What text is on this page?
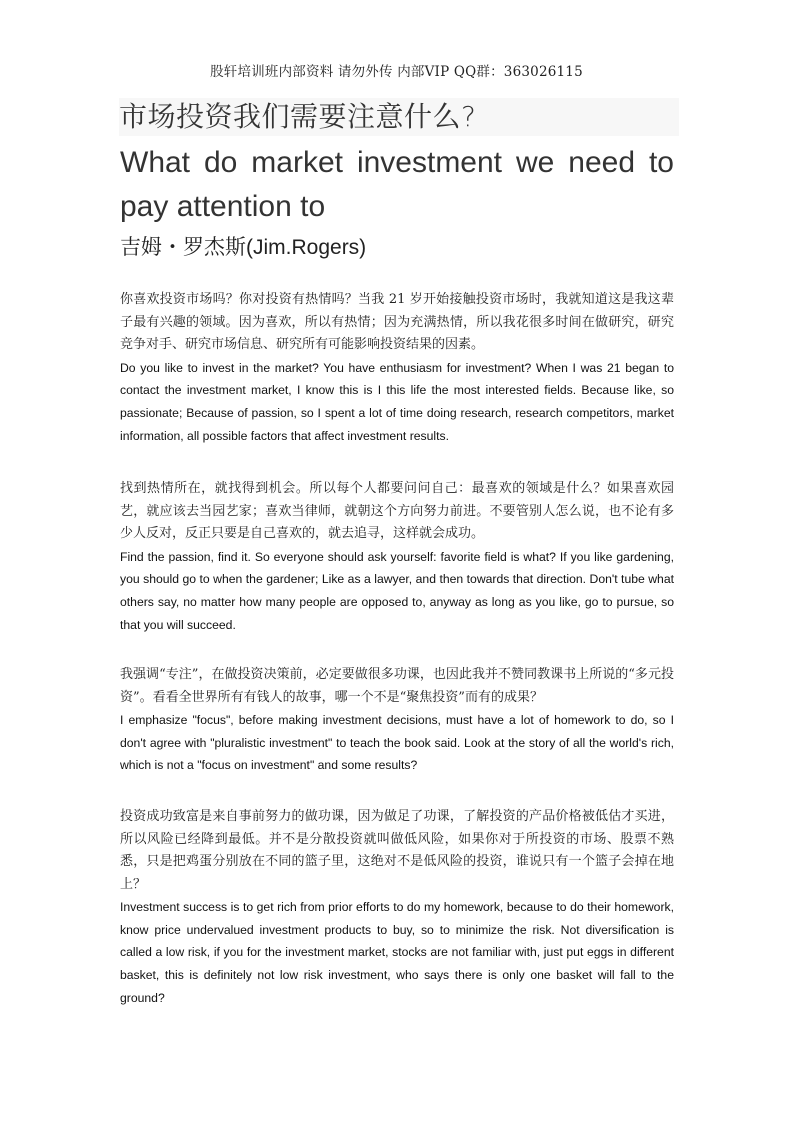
股轩培训班内部资料 请勿外传 内部VIP QQ群：363026115
市场投资我们需要注意什么?
What do market investment we need to pay attention to
吉姆・罗杰斯(Jim.Rogers)

你喜欢投资市场吗？你对投资有热情吗？当我 21 岁开始接触投资市场时，我就知道这是我这辈子最有兴趣的领域。因为喜欢，所以有热情；因为充满热情，所以我花很多时间在做研究，研究竞争对手、研究市场信息、研究所有可能影响投资结果的因素。

Do you like to invest in the market? You have enthusiasm for investment? When I was 21 began to contact the investment market, I know this is I this life the most interested fields. Because like, so passionate; Because of passion, so I spent a lot of time doing research, research competitors, market information, all possible factors that affect investment results.

找到热情所在，就找得到机会。所以每个人都要问问自己：最喜欢的领域是什么？如果喜欢园艺，就应该去当园艺家；喜欢当律师，就朝这个方向努力前进。不要管别人怎么说，也不论有多少人反对，反正只要是自己喜欢的，就去追寻，这样就会成功。

Find the passion, find it. So everyone should ask yourself: favorite field is what? If you like gardening, you should go to when the gardener; Like as a lawyer, and then towards that direction. Don't tube what others say, no matter how many people are opposed to, anyway as long as you like, go to pursue, so that you will succeed.

我强调“专注”，在做投资决策前，必定要做很多功课，也因此我并不赞同教课书上所说的“多元投资”。看看全世界所有有钱人的故事，哪一个不是“聚焦投资”而有的成果？

I emphasize "focus", before making investment decisions, must have a lot of homework to do, so I don't agree with "pluralistic investment" to teach the book said. Look at the story of all the world's rich, which is not a "focus on investment" and some results?

投资成功致富是来自事前努力的做功课，因为做足了功课，了解投资的产品价格被低估才买进，所以风险已经降到最低。并不是分散投资就叫做低风险，如果你对于所投资的市场、股票不熟悉，只是把鸡蛋分别放在不同的篮子里，这绝对不是低风险的投资，谁说只有一个篮子会掉在地上？

Investment success is to get rich from prior efforts to do my homework, because to do their homework, know price undervalued investment products to buy, so to minimize the risk. Not diversification is called a low risk, if you for the investment market, stocks are not familiar with, just put eggs in different basket, this is definitely not low risk investment, who says there is only one basket will fall to the ground?
